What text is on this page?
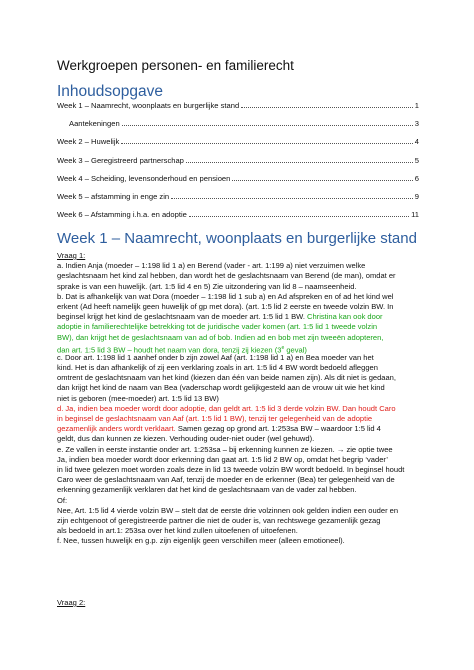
Werkgroepen personen- en familierecht
Inhoudsopgave
Week 1 – Naamrecht, woonplaats en burgerlijke stand	1
Aantekeningen	3
Week 2 – Huwelijk	4
Week 3 – Geregistreerd partnerschap	5
Week 4 – Scheiding, levensonderhoud en pensioen	6
Week 5 – afstamming in enge zin	9
Week 6 – Afstamming i.h.a. en adoptie	11
Week 1 – Naamrecht, woonplaats en burgerlijke stand
Vraag 1:
a. Indien Anja (moeder – 1:198 lid 1 a) en Berend (vader - art. 1:199 a) niet verzuimen welke
geslachtsnaam het kind zal hebben, dan wordt het de geslachtsnaam van Berend (de man), omdat er
sprake is van een huwelijk. (art. 1:5 lid 4 en 5) Zie uitzondering van lid 8 – naamseenheid.
b. Dat is afhankelijk van wat Dora (moeder – 1:198 lid 1 sub a) en Ad afspreken en of ad het kind wel
erkent (Ad heeft namelijk geen huwelijk of gp met dora). (art. 1:5 lid 2 eerste en tweede volzin BW. In
beginsel krijgt het kind de geslachtsnaam van de moeder art. 1:5 lid 1 BW. Christina kan ook door
adoptie in familierechtelijke betrekking tot de juridische vader komen (art. 1:5 lid 1 tweede volzin
BW), dan krijgt het de geslachtsnaam van ad of bob. Indien ad en bob met zijn tweeën adopteren,
dan art. 1:5 lid 3 BW – houdt het naam van dora, tenzij zij kiezen (3e geval)
c. Door art. 1:198 lid 1 aanhef onder b zijn zowel Aaf (art. 1:198 lid 1 a) en Bea moeder van het
kind. Het is dan afhankelijk of zij een verklaring zoals in art. 1:5 lid 4 BW wordt bedoeld afleggen
omtrent de geslachtsnaam van het kind (kiezen dan één van beide namen zijn). Als dit niet is gedaan,
dan krijgt het kind de naam van Bea (vaderschap wordt gelijkgesteld aan de vrouw uit wie het kind
niet is geboren (mee-moeder) art. 1:5 lid 13 BW)
d. Ja, indien bea moeder wordt door adoptie, dan geldt art. 1:5 lid 3 derde volzin BW. Dan houdt Caro
in beginsel de geslachtsnaam van Aaf (art. 1:5 lid 1 BW), tenzij ter gelegenheid van de adoptie
gezamenlijk anders wordt verklaart. Samen gezag op grond art. 1:253sa BW – waardoor 1:5 lid 4
geldt, dus dan kunnen ze kiezen. Verhouding ouder-niet ouder (wel gehuwd).
e. Ze vallen in eerste instantie onder art. 1:253sa – bij erkenning kunnen ze kiezen. → zie optie twee
Ja, indien bea moeder wordt door erkenning dan gaat art. 1:5 lid 2 BW op, omdat het begrip ‘vader’
in lid twee gelezen moet worden zoals deze in lid 13 tweede volzin BW wordt bedoeld. In beginsel houdt
Caro weer de geslachtsnaam van Aaf, tenzij de moeder en de erkenner (Bea) ter gelegenheid van de
erkenning gezamenlijk verklaren dat het kind de geslachtsnaam van de vader zal hebben.
Of:
Nee, Art. 1:5 lid 4 vierde volzin BW – stelt dat de eerste drie volzinnen ook gelden indien een ouder en
zijn echtgenoot of geregistreerde partner die niet de ouder is, van rechtswege gezamenlijk gezag
als bedoeld in art.1: 253sa over het kind zullen uitoefenen of uitoefenen.
f. Nee, tussen huwelijk en g.p. zijn eigenlijk geen verschillen meer (alleen emotioneel).
Vraag 2:
